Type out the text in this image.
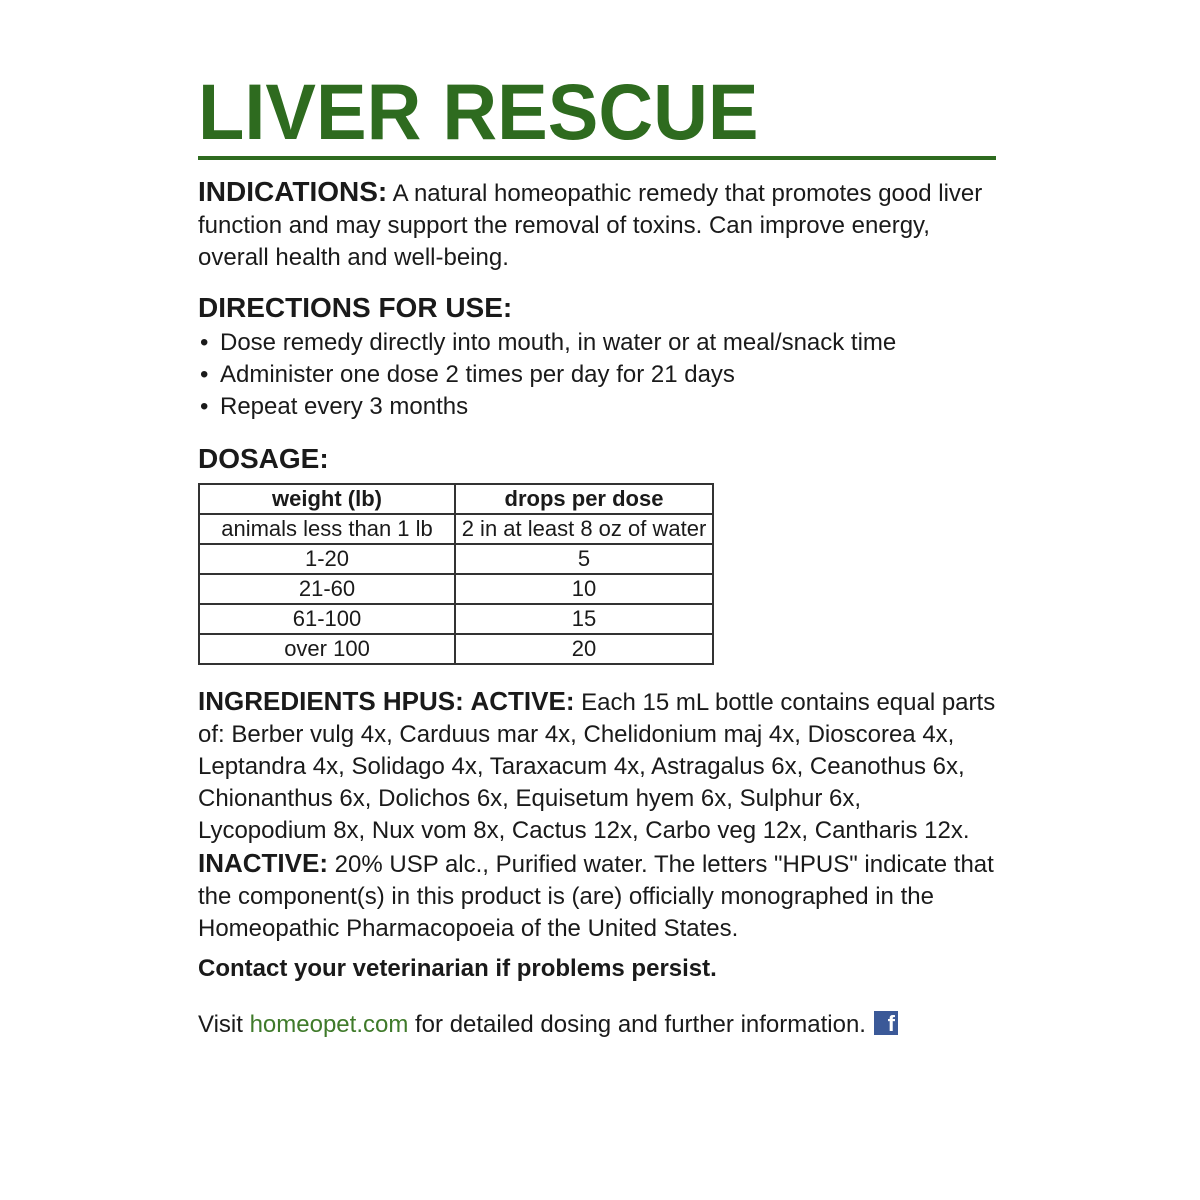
LIVER RESCUE

INDICATIONS: A natural homeopathic remedy that promotes good liver function and may support the removal of toxins. Can improve energy, overall health and well-being.

DIRECTIONS FOR USE:
• Dose remedy directly into mouth, in water or at meal/snack time
• Administer one dose 2 times per day for 21 days
• Repeat every 3 months
DOSAGE:
weight (lb)	drops per dose
animals less than 1 lb	2 in at least 8 oz of water
1-20	5
21-60	10
61-100	15
over 100	20

INGREDIENTS HPUS: ACTIVE: Each 15 mL bottle contains equal parts of: Berber vulg 4x, Carduus mar 4x, Chelidonium maj 4x, Dioscorea 4x, Leptandra 4x, Solidago 4x, Taraxacum 4x, Astragalus 6x, Ceanothus 6x, Chionanthus 6x, Dolichos 6x, Equisetum hyem 6x, Sulphur 6x, Lycopodium 8x, Nux vom 8x, Cactus 12x, Carbo veg 12x, Cantharis 12x. INACTIVE: 20% USP alc., Purified water. The letters "HPUS" indicate that the component(s) in this product is (are) officially monographed in the Homeopathic Pharmacopoeia of the United States.

Contact your veterinarian if problems persist.

Visit homeopet.com for detailed dosing and further information. f
